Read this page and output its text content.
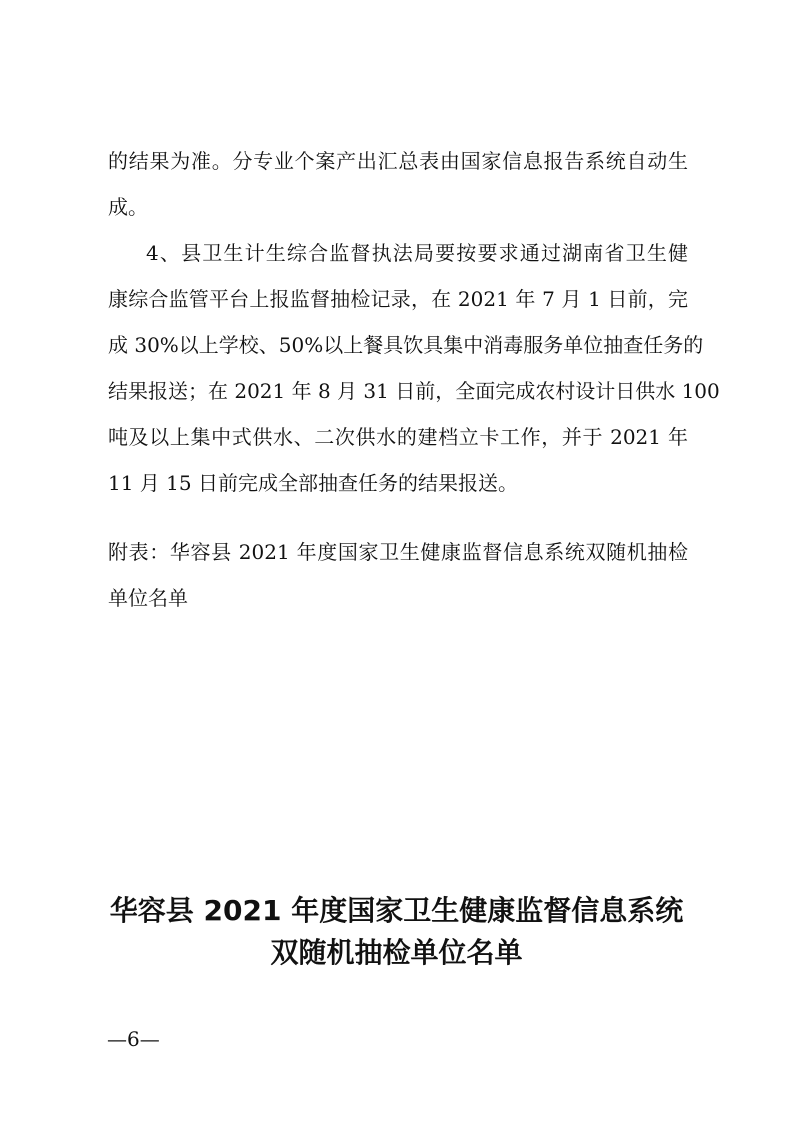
的结果为准。分专业个案产出汇总表由国家信息报告系统自动生
成。
4、县卫生计生综合监督执法局要按要求通过湖南省卫生健
康综合监管平台上报监督抽检记录，在 2021 年 7 月 1 日前，完
成 30%以上学校、50%以上餐具饮具集中消毒服务单位抽查任务的
结果报送；在 2021 年 8 月 31 日前，全面完成农村设计日供水 100
吨及以上集中式供水、二次供水的建档立卡工作，并于 2021 年
11 月 15 日前完成全部抽查任务的结果报送。
附表：华容县 2021 年度国家卫生健康监督信息系统双随机抽检
单位名单
华容县 2021 年度国家卫生健康监督信息系统
双随机抽检单位名单
—6—
